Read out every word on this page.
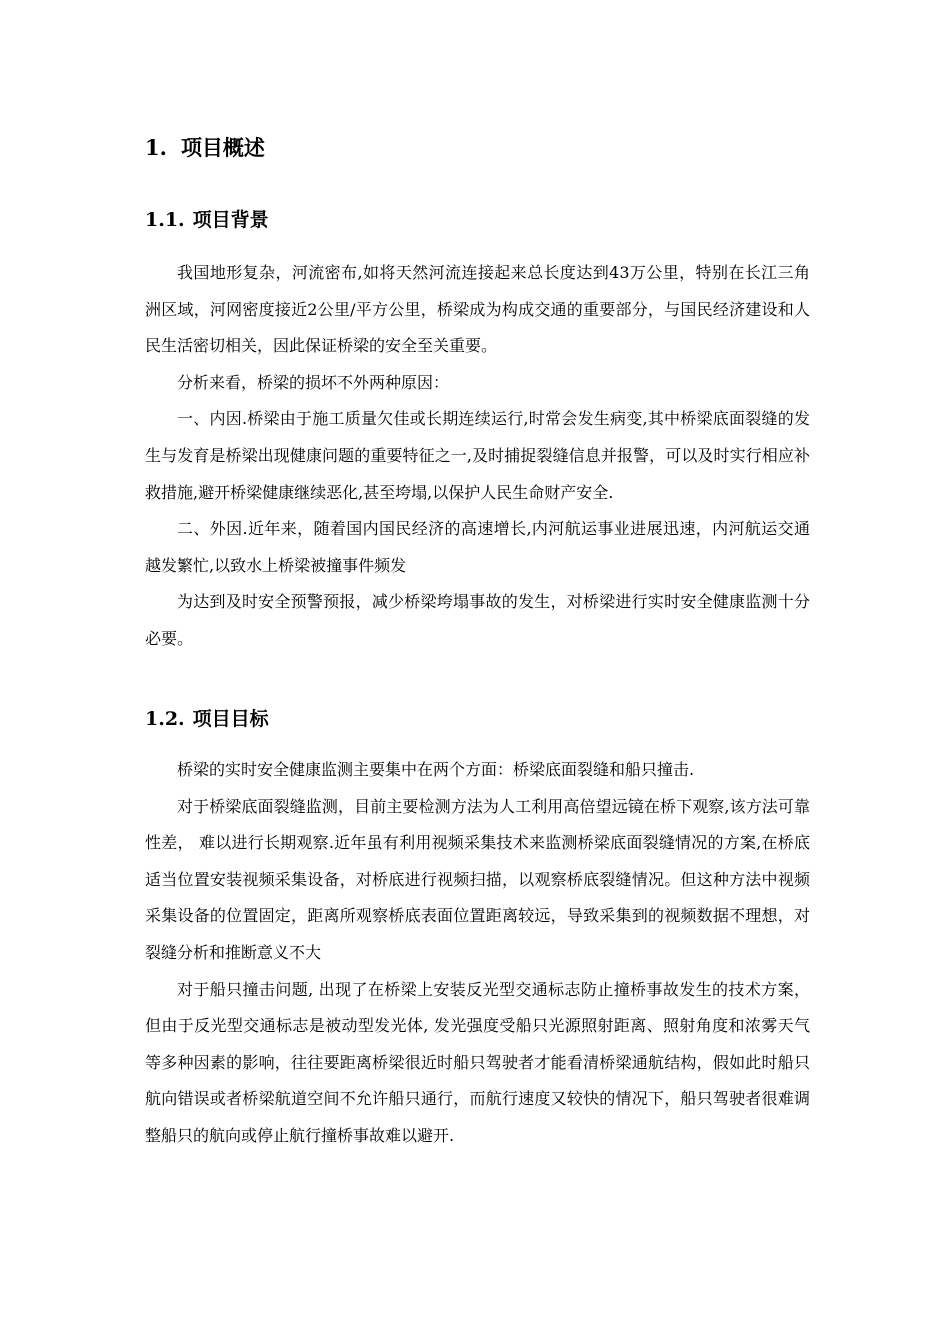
1. 项目概述
1.1. 项目背景

我国地形复杂，河流密布,如将天然河流连接起来总长度达到43万公里，特别在长江三角洲区域，河网密度接近2公里/平方公里，桥梁成为构成交通的重要部分，与国民经济建设和人民生活密切相关，因此保证桥梁的安全至关重要。

分析来看，桥梁的损坏不外两种原因：

一、内因.桥梁由于施工质量欠佳或长期连续运行,时常会发生病变,其中桥梁底面裂缝的发生与发育是桥梁出现健康问题的重要特征之一,及时捕捉裂缝信息并报警，可以及时实行相应补救措施,避开桥梁健康继续恶化,甚至垮塌,以保护人民生命财产安全.

二、外因.近年来，随着国内国民经济的高速增长,内河航运事业进展迅速，内河航运交通越发繁忙,以致水上桥梁被撞事件频发

为达到及时安全预警预报，减少桥梁垮塌事故的发生，对桥梁进行实时安全健康监测十分必要。

1.2. 项目目标

桥梁的实时安全健康监测主要集中在两个方面：桥梁底面裂缝和船只撞击.

对于桥梁底面裂缝监测，目前主要检测方法为人工利用高倍望远镜在桥下观察,该方法可靠性差， 难以进行长期观察.近年虽有利用视频采集技术来监测桥梁底面裂缝情况的方案,在桥底适当位置安装视频采集设备，对桥底进行视频扫描，以观察桥底裂缝情况。但这种方法中视频采集设备的位置固定，距离所观察桥底表面位置距离较远，导致采集到的视频数据不理想，对裂缝分析和推断意义不大

对于船只撞击问题, 出现了在桥梁上安装反光型交通标志防止撞桥事故发生的技术方案，但由于反光型交通标志是被动型发光体, 发光强度受船只光源照射距离、照射角度和浓雾天气等多种因素的影响，往往要距离桥梁很近时船只驾驶者才能看清桥梁通航结构，假如此时船只航向错误或者桥梁航道空间不允许船只通行，而航行速度又较快的情况下，船只驾驶者很难调整船只的航向或停止航行撞桥事故难以避开.
